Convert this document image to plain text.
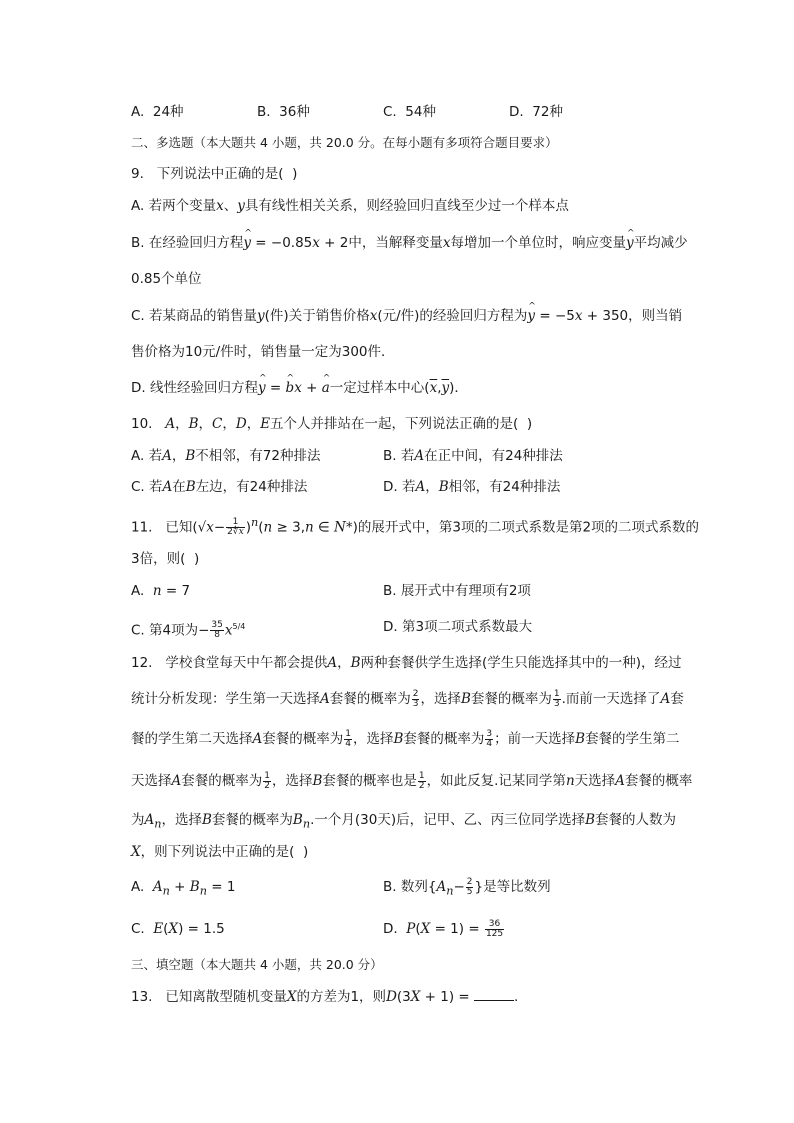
A.  24种	B.  36种	C.  54种	D.  72种
二、多选题（本大题共 4 小题，共 20.0 分。在每小题有多项符合题目要求）
9.   下列说法中正确的是(  )
A. 若两个变量x、y具有线性相关关系，则经验回归直线至少过一个样本点
B. 在经验回归方程^ y = −0.85x + 2中，当解释变量x每增加一个单位时，响应变量^ y平均减少
0.85个单位
C. 若某商品的销售量y(件)关于销售价格x(元/件)的经验回归方程为^ y = −5x + 350，则当销
售价格为10元/件时，销售量一定为300件．
D. 线性经验回归方程^ y = ^ bx + ^ a一定过样本中心$(\overline{x},\overline{y})$．
10.   A，B，C，D，E五个人并排站在一起，下列说法正确的是(  )
A. 若A，B不相邻，有72种排法	B. 若A在正中间，有24种排法
C. 若A在B左边，有24种排法	D. 若A，B相邻，有24种排法
11.   已知$(√x- \frac{1}{2∜x} )^n(n \ge 3,n$ ∈ N*)的展开式中，第3项的二项式系数是第2项的二项式系数的
3倍，则(  )
A.  n = 7	B. 展开式中有理项有2项
C. 第4项为− $\frac{35}{8} x^{5/4}$	D. 第3项二项式系数最大
12.   学校食堂每天中午都会提供A，B两种套餐供学生选择(学生只能选择其中的一种)，经过
统计分析发现：学生第一天选择A套餐的概率为 $\frac{2}{3}$ ，选择B套餐的概率为 $\frac{1}{3}$ .而前一天选择了A套
餐的学生第二天选择A套餐的概率为 $\frac{1}{4}$ ，选择B套餐的概率为 $\frac{3}{4}$ ；前一天选择B套餐的学生第二
天选择A套餐的概率为 $\frac{1}{2}$ ，选择B套餐的概率也是 $\frac{1}{2}$ ，如此反复.记某同学第n天选择A套餐的概率
为$A_n$，选择B套餐的概率为$B_n$.一个月(30天)后，记甲、乙、丙三位同学选择B套餐的人数为
X，则下列说法中正确的是(  )
A.  $A_n + B_n = 1$	B. 数列{$A_n- \frac{2}{5}$ }是等比数列
C.  E(X) = 1.5	D.  $P(X = 1) = \frac{36}{125}$
三、填空题（本大题共 4 小题，共 20.0 分）
13.   已知离散型随机变量X的方差为1，则D(3X + 1) =	.
